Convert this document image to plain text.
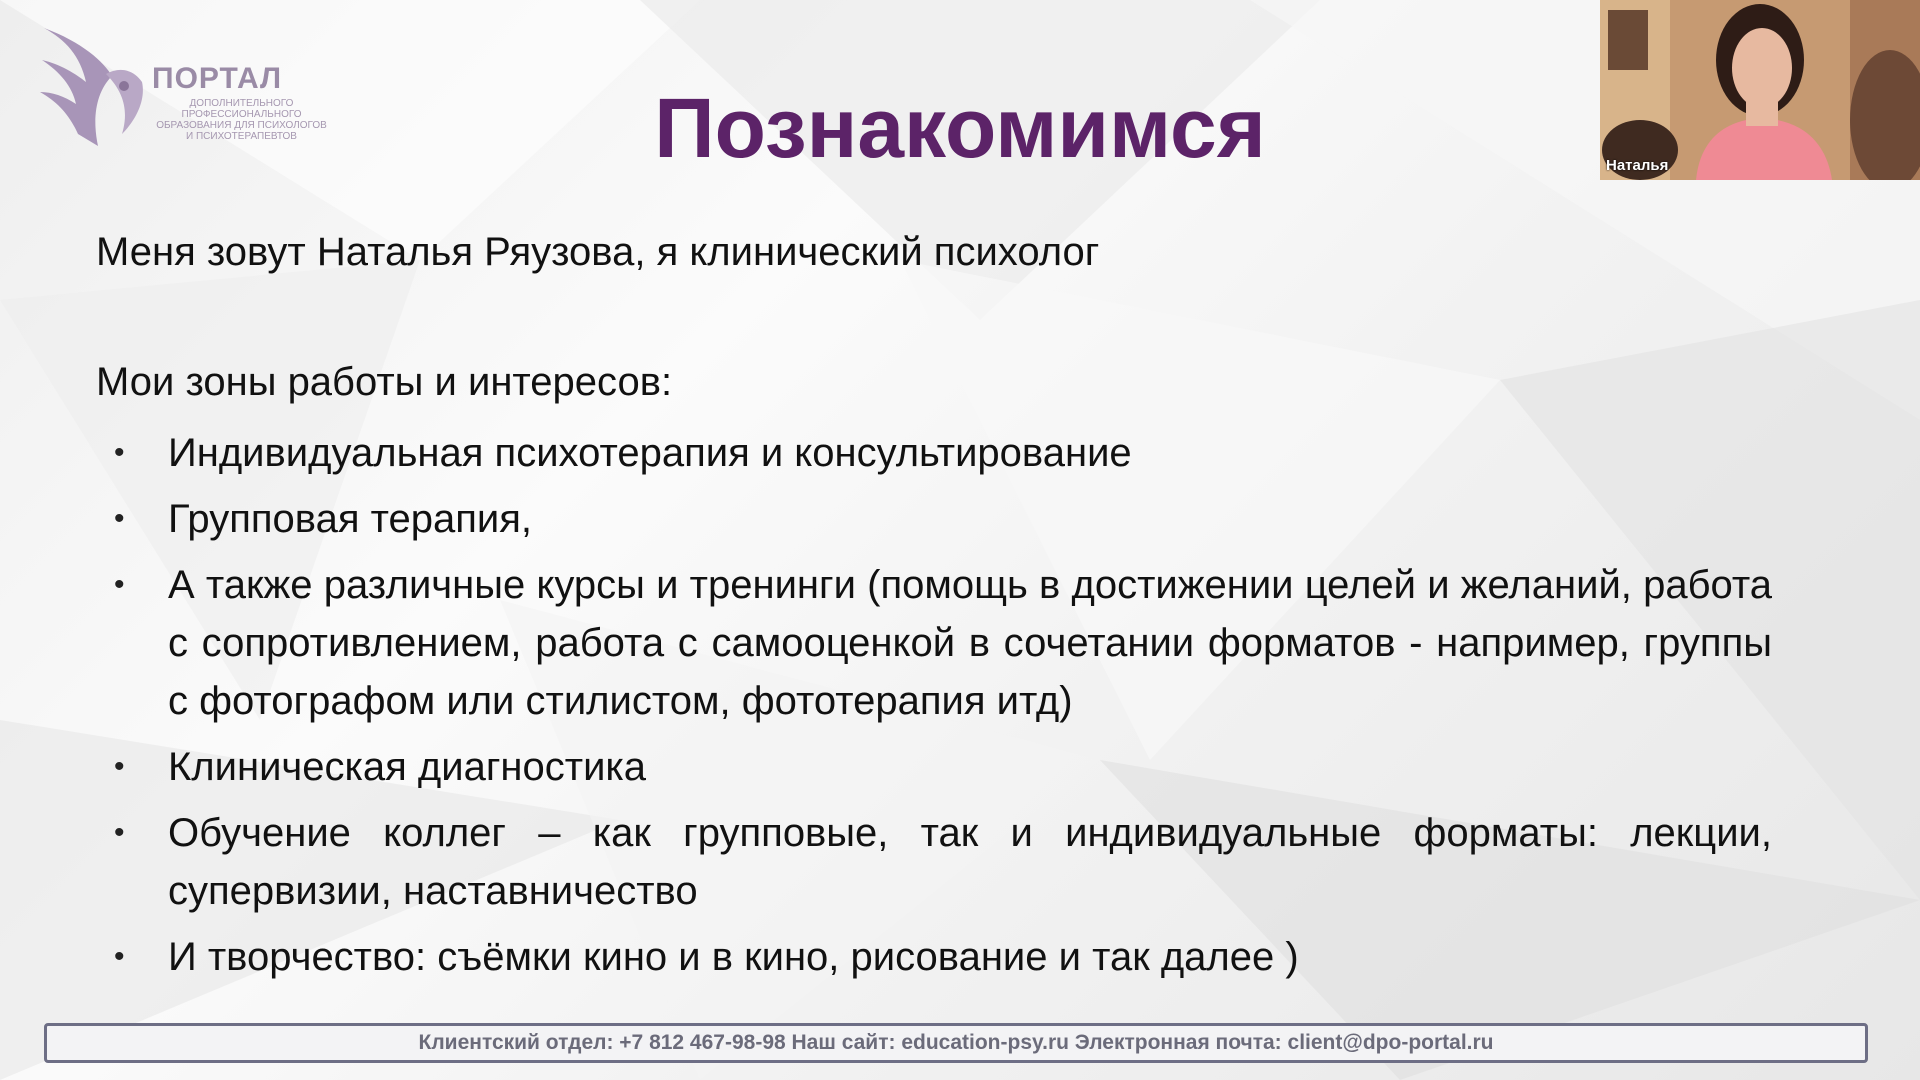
ПОРТАЛ
ДОПОЛНИТЕЛЬНОГО ПРОФЕССИОНАЛЬНОГО ОБРАЗОВАНИЯ ДЛЯ ПСИХОЛОГОВ И ПСИХОТЕРАПЕВТОВ	Познакомимся
Меня зовут Наталья Ряузова, я клинический психолог
Мои зоны работы и интересов:
• Индивидуальная психотерапия и консультирование
• Групповая терапия,
• А также различные курсы и тренинги (помощь в достижении целей и желаний, работа с сопротивлением, работа с самооценкой в сочетании форматов - например, группы с фотографом или стилистом, фототерапия итд)
• Клиническая диагностика
• Обучение коллег – как групповые, так и индивидуальные форматы: лекции, супервизии, наставничество
• И творчество: съёмки кино и в кино, рисование и так далее )
Клиентский отдел: +7 812 467-98-98 Наш сайт: education-psy.ru Электронная почта: client@dpo-portal.ru
Наталья
